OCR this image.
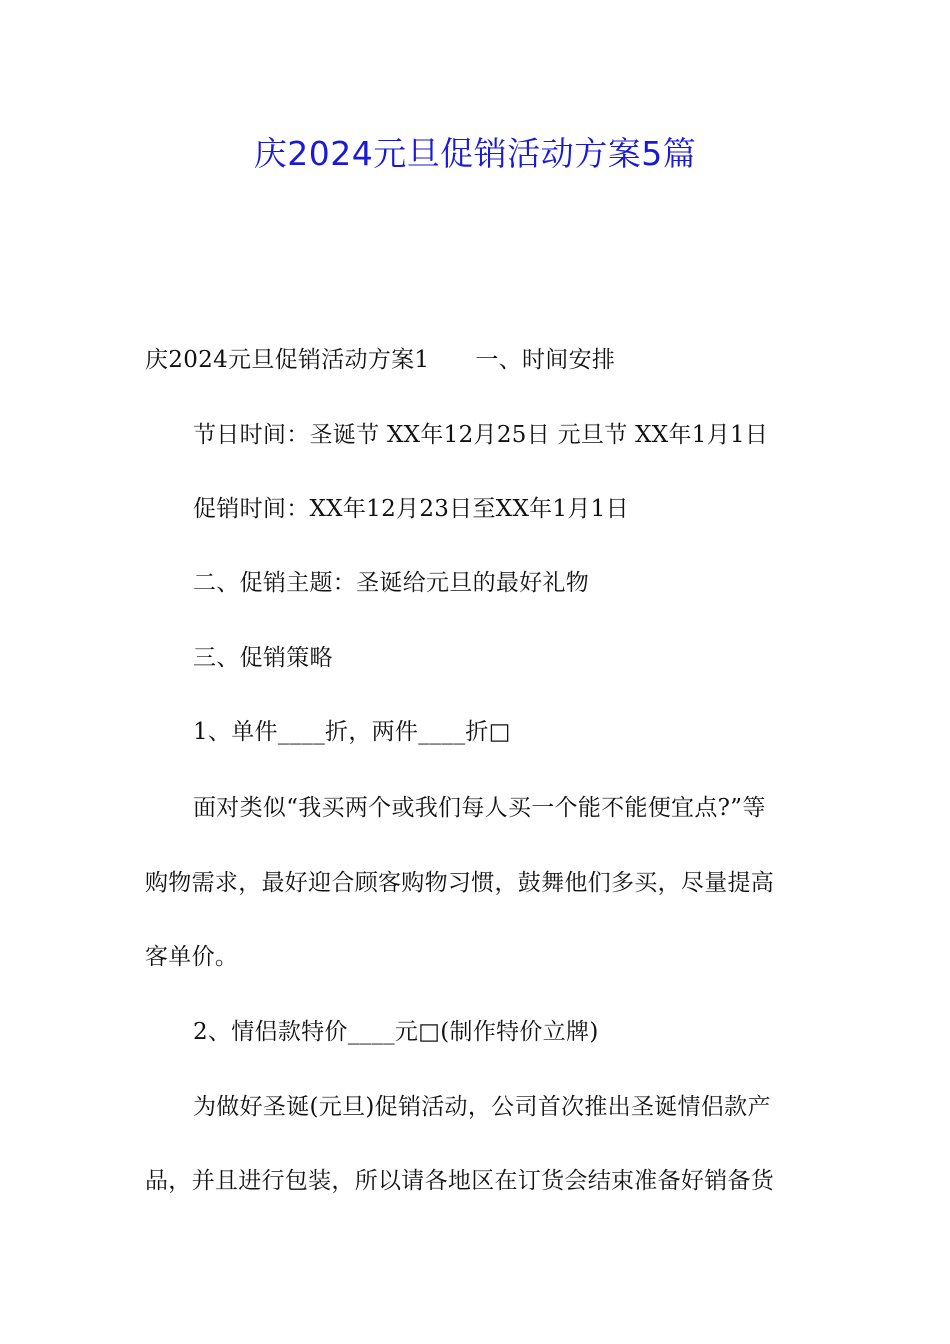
庆2024元旦促销活动方案5篇
庆2024元旦促销活动方案1 一、时间安排
节日时间：圣诞节 XX年12月25日 元旦节 XX年1月1日
促销时间：XX年12月23日至XX年1月1日
二、促销主题：圣诞给元旦的最好礼物
三、促销策略
1、单件____折，两件____折□
面对类似“我买两个或我们每人买一个能不能便宜点?”等
购物需求，最好迎合顾客购物习惯，鼓舞他们多买，尽量提高
客单价。
2、情侣款特价____元□(制作特价立牌)
为做好圣诞(元旦)促销活动，公司首次推出圣诞情侣款产
品，并且进行包装，所以请各地区在订货会结束准备好销备货
